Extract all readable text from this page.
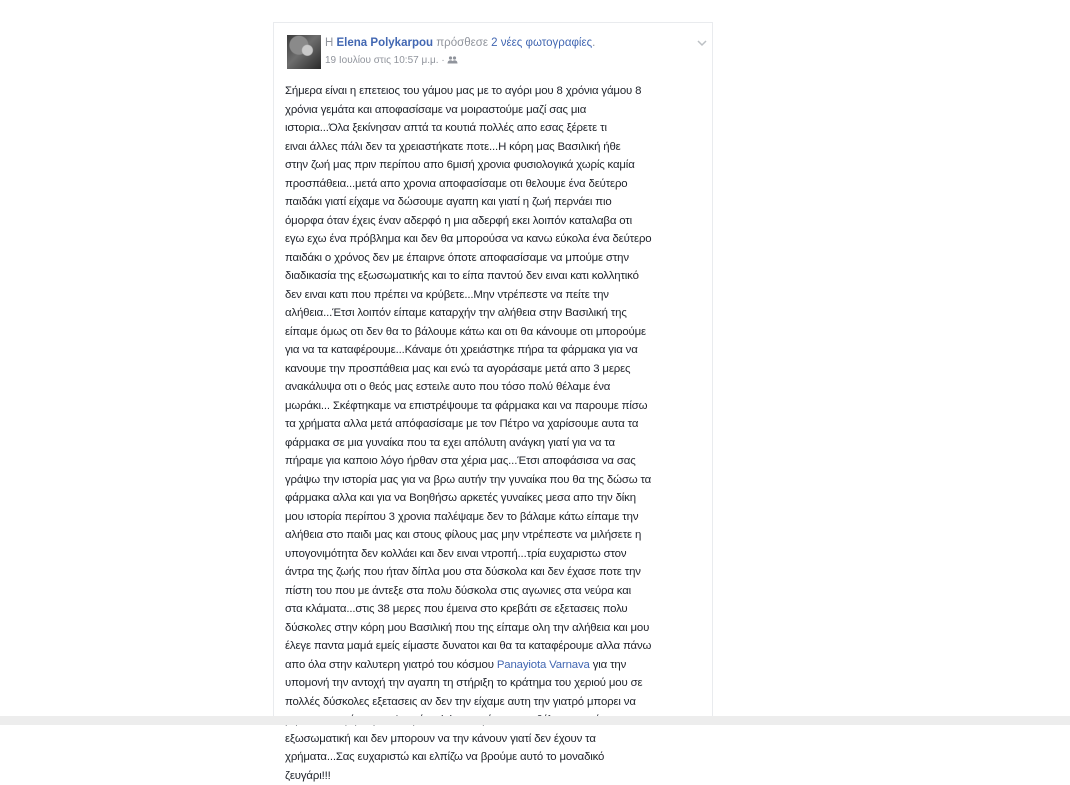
Η Elena Polykarpou πρόσθεσε 2 νέες φωτογραφίες.
19 Ιουλίου στις 10:57 μ.μ. ·
Σήμερα είναι η επετειος του γάμου μας με το αγόρι μου 8 χρόνια γάμου 8
χρόνια γεμάτα και αποφασίσαμε να μοιραστούμε μαζί σας μια
ιστορια...Όλα ξεκίνησαν απτά τα κουτιά πολλές απο εσας ξέρετε τι
ειναι άλλες πάλι δεν τα χρειαστήκατε ποτε...Η κόρη μας Βασιλική ήθε
στην ζωή μας πριν περίπου απο 6μισή χρονια φυσιολογικά χωρίς καμία
προσπάθεια...μετά απο χρονια αποφασίσαμε οτι θελουμε ένα δεύτερο
παιδάκι γιατί είχαμε να δώσουμε αγαπη και γιατί η ζωή περνάει πιο
όμορφα όταν έχεις έναν αδερφό η μια αδερφή εκει λοιπόν καταλαβα οτι
εγω εχω ένα πρόβλημα και δεν θα μπορούσα να κανω εύκολα ένα δεύτερο
παιδάκι ο χρόνος δεν με έπαιρνε όποτε αποφασίσαμε να μπούμε στην
διαδικασία της εξωσωματικής και το είπα παντού δεν ειναι κατι κολλητικό
δεν ειναι κατι που πρέπει να κρύβετε...Μην ντρέπεστε να πείτε την
αλήθεια...Έτσι λοιπόν είπαμε καταρχήν την αλήθεια στην Βασιλική της
είπαμε όμως οτι δεν θα το βάλουμε κάτω και οτι θα κάνουμε οτι μπορούμε
για να τα καταφέρουμε...Κάναμε ότι χρειάστηκε πήρα τα φάρμακα για να
κανουμε την προσπάθεια μας και ενώ τα αγοράσαμε μετά απο 3 μερες
ανακάλυψα οτι ο θεός μας εστειλε αυτο που τόσο πολύ θέλαμε ένα
μωράκι... Σκέφτηκαμε να επιστρέψουμε τα φάρμακα και να παρουμε πίσω
τα χρήματα αλλα μετά απόφασίσαμε με τον Πέτρο να χαρίσουμε αυτα τα
φάρμακα σε μια γυναίκα που τα εχει απόλυτη ανάγκη γιατί για να τα
πήραμε για καποιο λόγο ήρθαν στα χέρια μας...Έτσι αποφάσισα να σας
γράψω την ιστορία μας για να βρω αυτήν την γυναίκα που θα της δώσω τα
φάρμακα αλλα και για να Βοηθήσω αρκετές γυναίκες μεσα απο την δίκη
μου ιστορία περίπου 3 χρονια παλέψαμε δεν το βάλαμε κάτω είπαμε την
αλήθεια στο παιδι μας και στους φίλους μας μην ντρέπεστε να μιλήσετε η
υπογονιμότητα δεν κολλάει και δεν ειναι ντροπή...τρία ευχαριστω στον
άντρα της ζωής που ήταν δίπλα μου στα δύσκολα και δεν έχασε ποτε την
πίστη του που με άντεξε στα πολυ δύσκολα στις αγωνιες στα νεύρα και
στα κλάματα...στις 38 μερες που έμεινα στο κρεβάτι σε εξετασεις πολυ
δύσκολες στην κόρη μου Βασιλική που της είπαμε ολη την αλήθεια και μου
έλεγε παντα μαμά εμείς είμαστε δυνατοι και θα τα καταφέρουμε αλλα πάνω
απο όλα στην καλυτερη γιατρό του κόσμου Panayiota Varnava για την
υπομονή την αντοχή την αγαπη τη στήριξη το κράτημα του χεριού μου σε
πολλές δύσκολες εξετασεις αν δεν την είχαμε αυτη την γιατρό μπορει να
εξωσωματική και δεν μπορουν να την κάνουν γιατί δεν έχουν τα
χρήματα...Σας ευχαριστώ και ελπίζω να βρούμε αυτό το μοναδικό
ζευγάρι!!!
